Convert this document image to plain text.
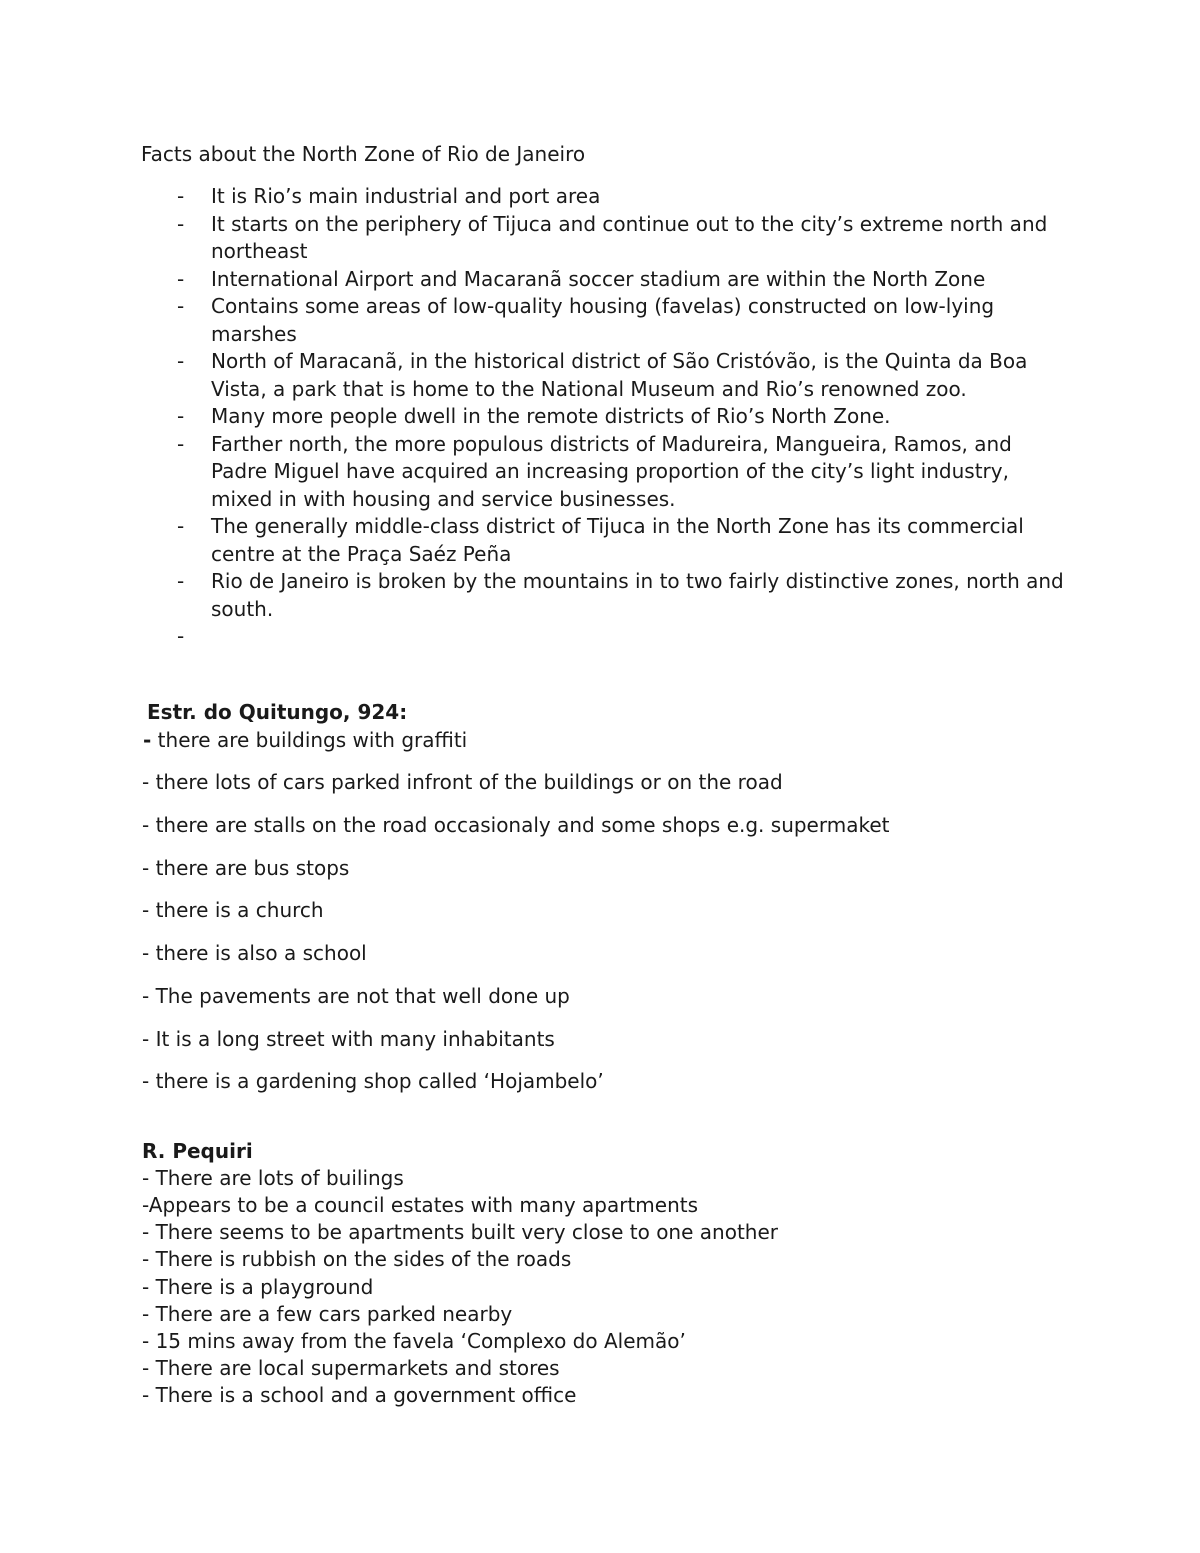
Facts about the North Zone of Rio de Janeiro
- It is Rio’s main industrial and port area
- It starts on the periphery of Tijuca and continue out to the city’s extreme north and northeast
- International Airport and Macaranã soccer stadium are within the North Zone
- Contains some areas of low-quality housing (favelas) constructed on low-lying marshes
- North of Maracanã, in the historical district of São Cristóvão, is the Quinta da Boa Vista, a park that is home to the National Museum and Rio’s renowned zoo.
- Many more people dwell in the remote districts of Rio’s North Zone.
- Farther north, the more populous districts of Madureira, Mangueira, Ramos, and Padre Miguel have acquired an increasing proportion of the city’s light industry, mixed in with housing and service businesses.
- The generally middle-class district of Tijuca in the North Zone has its commercial centre at the Praça Saéz Peña
- Rio de Janeiro is broken by the mountains in to two fairly distinctive zones, north and south.
-
Estr. do Quitungo, 924:
- there are buildings with graffiti
- there lots of cars parked infront of the buildings or on the road
- there are stalls on the road occasionaly and some shops e.g. supermaket
- there are bus stops
- there is a church
- there is also a school
- The pavements are not that well done up
- It is a long street with many inhabitants
- there is a gardening shop called ‘Hojambelo’
R. Pequiri
- There are lots of builings
-Appears to be a council estates with many apartments
- There seems to be apartments built very close to one another
- There is rubbish on the sides of the roads
- There is a playground
- There are a few cars parked nearby
- 15 mins away from the favela ‘Complexo do Alemão’
- There are local supermarkets and stores
- There is a school and a government office
